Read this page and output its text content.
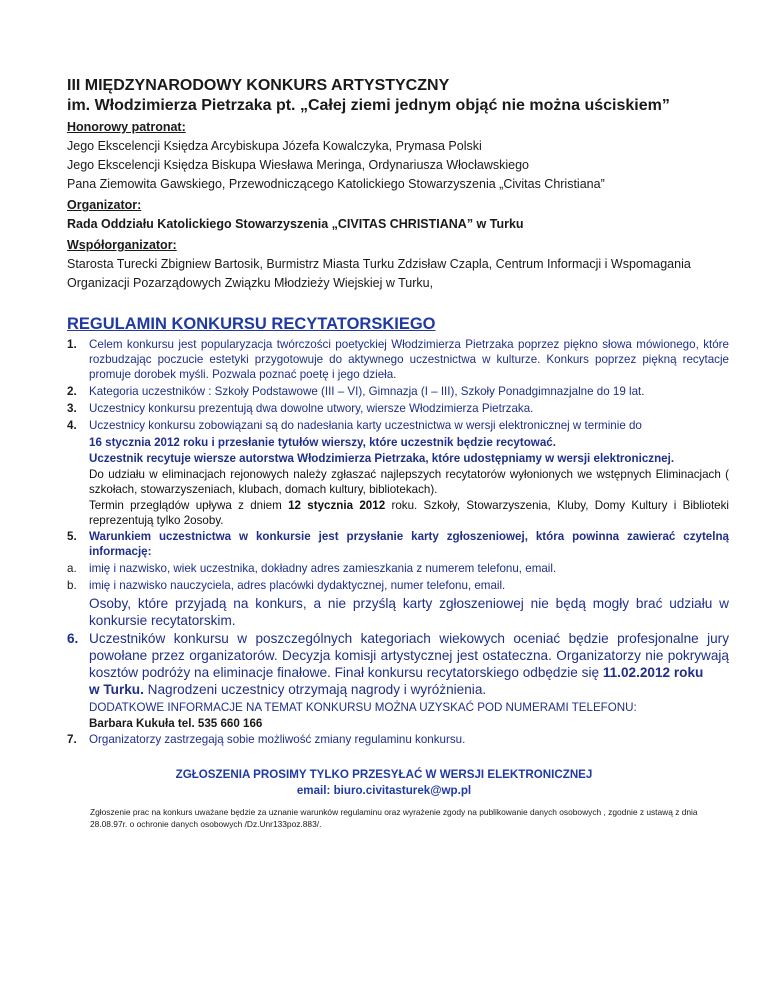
III MIĘDZYNARODOWY KONKURS ARTYSTYCZNY

im. Włodzimierza Pietrzaka pt. „Całej ziemi jednym objąć nie można uściskiem”

Honorowy patronat:

Jego Ekscelencji Księdza Arcybiskupa Józefa Kowalczyka, Prymasa Polski

Jego Ekscelencji Księdza Biskupa Wiesława Meringa, Ordynariusza Włocławskiego

Pana Ziemowita Gawskiego, Przewodniczącego Katolickiego Stowarzyszenia „Civitas Christiana”

Organizator:

Rada Oddziału Katolickiego Stowarzyszenia „CIVITAS CHRISTIANA” w Turku

Współorganizator:

Starosta Turecki Zbigniew Bartosik, Burmistrz Miasta Turku Zdzisław Czapla, Centrum Informacji i Wspomagania

Organizacji Pozarządowych Związku Młodzieży Wiejskiej w Turku,

REGULAMIN KONKURSU RECYTATORSKIEGO

1.	Celem konkursu jest popularyzacja twórczości poetyckiej Włodzimierza Pietrzaka poprzez piękno słowa mówionego, które rozbudzając poczucie estetyki przygotowuje do aktywnego uczestnictwa w kulturze. Konkurs poprzez piękną recytacje promuje dorobek myśli. Pozwala poznać poetę i jego dzieła.
2.	Kategoria uczestników : Szkoły Podstawowe (III – VI), Gimnazja (I – III), Szkoły Ponadgimnazjalne do 19 lat.
3.	Uczestnicy konkursu prezentują dwa dowolne utwory, wiersze Włodzimierza Pietrzaka.
4.	Uczestnicy konkursu zobowiązani są do nadesłania karty uczestnictwa w wersji elektronicznej w terminie do

16 stycznia 2012 roku i przesłanie tytułów wierszy, które uczestnik będzie recytować.

Uczestnik recytuje wiersze autorstwa Włodzimierza Pietrzaka, które udostępniamy w wersji elektronicznej.

Do udziału w eliminacjach rejonowych należy zgłaszać najlepszych recytatorów wyłonionych we wstępnych Eliminacjach ( szkołach, stowarzyszeniach, klubach, domach kultury, bibliotekach).

Termin przeglądów upływa z dniem 12 stycznia 2012 roku. Szkoły, Stowarzyszenia, Kluby, Domy Kultury i Biblioteki reprezentują tylko 2osoby.

5.	Warunkiem uczestnictwa w konkursie jest przysłanie karty zgłoszeniowej, która powinna zawierać czytelną informację:
a.	imię i nazwisko, wiek uczestnika, dokładny adres zamieszkania z numerem telefonu, email.
b.	imię i nazwisko nauczyciela, adres placówki dydaktycznej, numer telefonu, email.

Osoby, które przyjadą na konkurs, a nie przyślą karty zgłoszeniowej nie będą mogły brać udziału w konkursie recytatorskim.

6. Uczestników konkursu w poszczególnych kategoriach wiekowych oceniać będzie profesjonalne jury powołane przez organizatorów. Decyzja komisji artystycznej jest ostateczna. Organizatorzy nie pokrywają kosztów podróży na eliminacje finałowe. Finał konkursu recytatorskiego odbędzie się 11.02.2012 roku
w Turku. Nagrodzeni uczestnicy otrzymają nagrody i wyróżnienia.

DODATKOWE INFORMACJE NA TEMAT KONKURSU MOŻNA UZYSKAĆ POD NUMERAMI TELEFONU:

Barbara Kukuła tel. 535 660 166

7.	Organizatorzy zastrzegają sobie możliwość zmiany regulaminu konkursu.

ZGŁOSZENIA PROSIMY TYLKO PRZESYŁAĆ W WERSJI ELEKTRONICZNEJ

email: biuro.civitasturek@wp.pl

Zgłoszenie prac na konkurs uważane będzie za uznanie warunków regulaminu oraz wyrażenie zgody na publikowanie danych osobowych , zgodnie z ustawą z dnia 28.08.97r. o ochronie danych osobowych /Dz.Unr133poz.883/.
